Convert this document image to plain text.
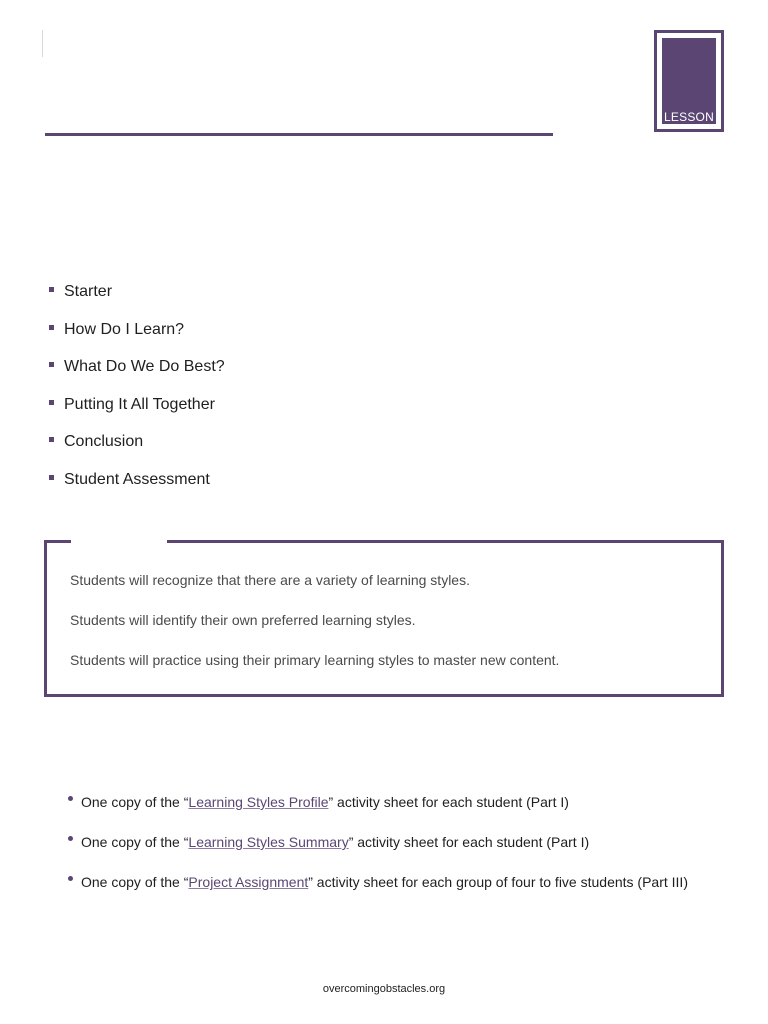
LESSON
Starter
How Do I Learn?
What Do We Do Best?
Putting It All Together
Conclusion
Student Assessment
Students will recognize that there are a variety of learning styles.
Students will identify their own preferred learning styles.
Students will practice using their primary learning styles to master new content.
One copy of the “Learning Styles Profile” activity sheet for each student (Part I)
One copy of the “Learning Styles Summary” activity sheet for each student (Part I)
One copy of the “Project Assignment” activity sheet for each group of four to five students (Part III)
overcomingobstacles.org
